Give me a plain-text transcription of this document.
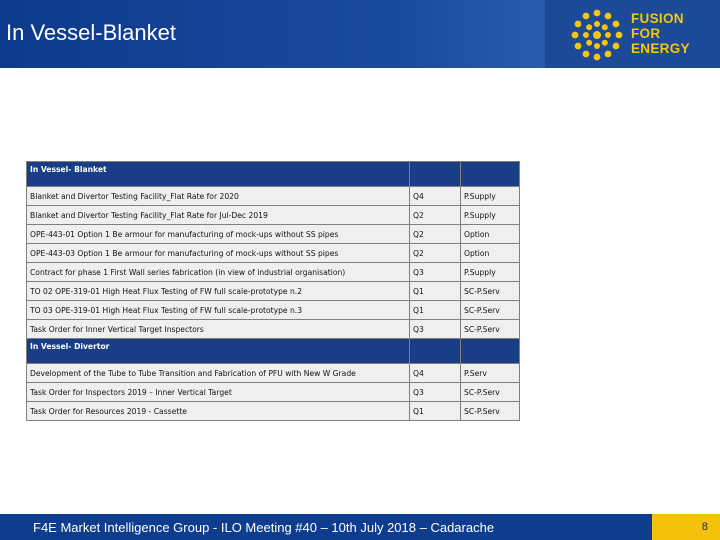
In Vessel-Blanket
FUSION
FOR
ENERGY
In Vessel- Blanket		
Blanket and Divertor Testing Facility_Flat Rate for 2020	Q4	P.Supply
Blanket and Divertor Testing Facility_Flat Rate for Jul-Dec 2019	Q2	P.Supply
OPE-443-01 Option 1 Be armour for manufacturing of mock-ups without SS pipes	Q2	Option
OPE-443-03 Option 1 Be armour for manufacturing of mock-ups without SS pipes	Q2	Option
Contract for phase 1 First Wall series fabrication (in view of industrial organisation)	Q3	P.Supply
TO 02 OPE-319-01 High Heat Flux Testing of FW full scale-prototype n.2	Q1	SC-P.Serv
TO 03 OPE-319-01 High Heat Flux Testing of FW full scale-prototype n.3	Q1	SC-P.Serv
Task Order for Inner Vertical Target Inspectors	Q3	SC-P.Serv
In Vessel- Divertor		
Development of the Tube to Tube Transition and Fabrication of PFU with New W Grade	Q4	P.Serv
Task Order for Inspectors 2019 – Inner Vertical Target	Q3	SC-P.Serv
Task Order for Resources 2019 - Cassette	Q1	SC-P.Serv
F4E Market Intelligence Group - ILO Meeting #40 – 10th July 2018 – Cadarache	8
